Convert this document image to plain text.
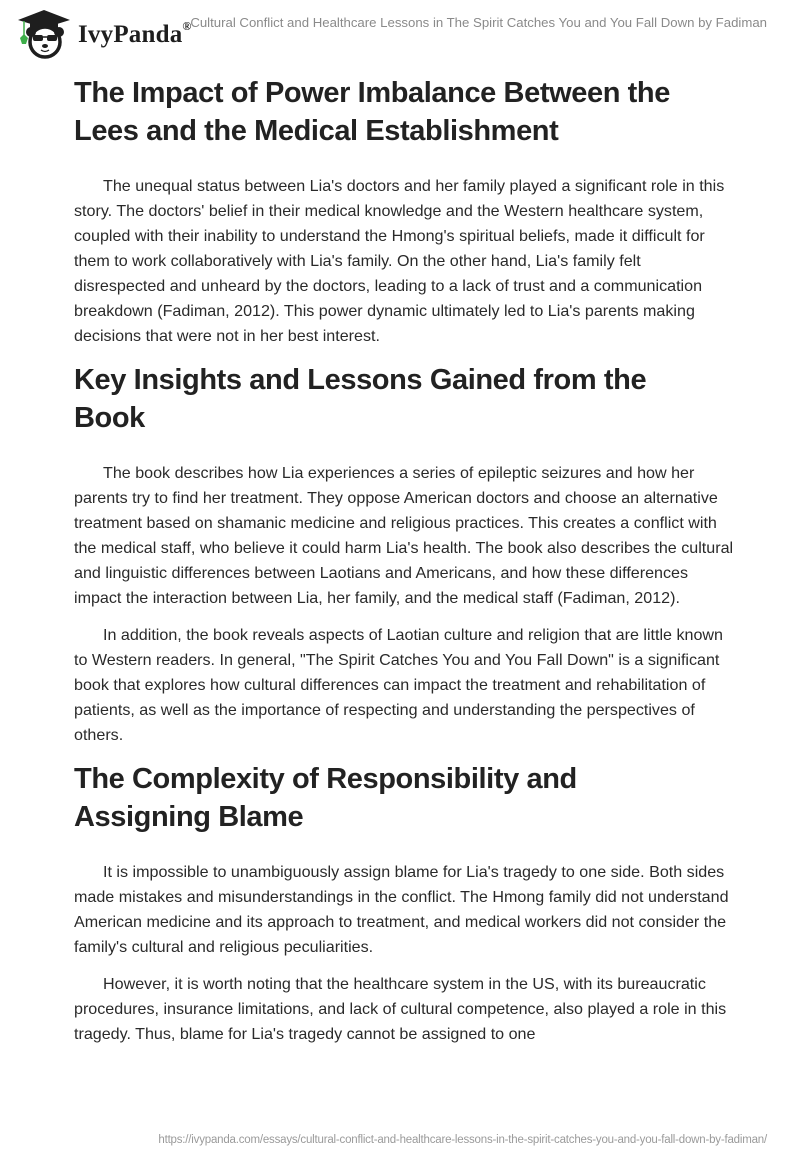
IvyPanda®
Cultural Conflict and Healthcare Lessons in The Spirit Catches You and You Fall Down by Fadiman
The Impact of Power Imbalance Between the
Lees and the Medical Establishment

The unequal status between Lia's doctors and her family played a significant role in this story. The doctors' belief in their medical knowledge and the Western healthcare system, coupled with their inability to understand the Hmong's spiritual beliefs, made it difficult for them to work collaboratively with Lia's family. On the other hand, Lia's family felt disrespected and unheard by the doctors, leading to a lack of trust and a communication breakdown (Fadiman, 2012). This power dynamic ultimately led to Lia's parents making decisions that were not in her best interest.

Key Insights and Lessons Gained from the
Book

The book describes how Lia experiences a series of epileptic seizures and how her parents try to find her treatment. They oppose American doctors and choose an alternative treatment based on shamanic medicine and religious practices. This creates a conflict with the medical staff, who believe it could harm Lia's health. The book also describes the cultural and linguistic differences between Laotians and Americans, and how these differences impact the interaction between Lia, her family, and the medical staff (Fadiman, 2012).

In addition, the book reveals aspects of Laotian culture and religion that are little known to Western readers. In general, "The Spirit Catches You and You Fall Down" is a significant book that explores how cultural differences can impact the treatment and rehabilitation of patients, as well as the importance of respecting and understanding the perspectives of others.

The Complexity of Responsibility and
Assigning Blame

It is impossible to unambiguously assign blame for Lia's tragedy to one side. Both sides made mistakes and misunderstandings in the conflict. The Hmong family did not understand American medicine and its approach to treatment, and medical workers did not consider the family's cultural and religious peculiarities.

However, it is worth noting that the healthcare system in the US, with its bureaucratic procedures, insurance limitations, and lack of cultural competence, also played a role in this tragedy. Thus, blame for Lia's tragedy cannot be assigned to one

https://ivypanda.com/essays/cultural-conflict-and-healthcare-lessons-in-the-spirit-catches-you-and-you-fall-down-by-fadiman/
